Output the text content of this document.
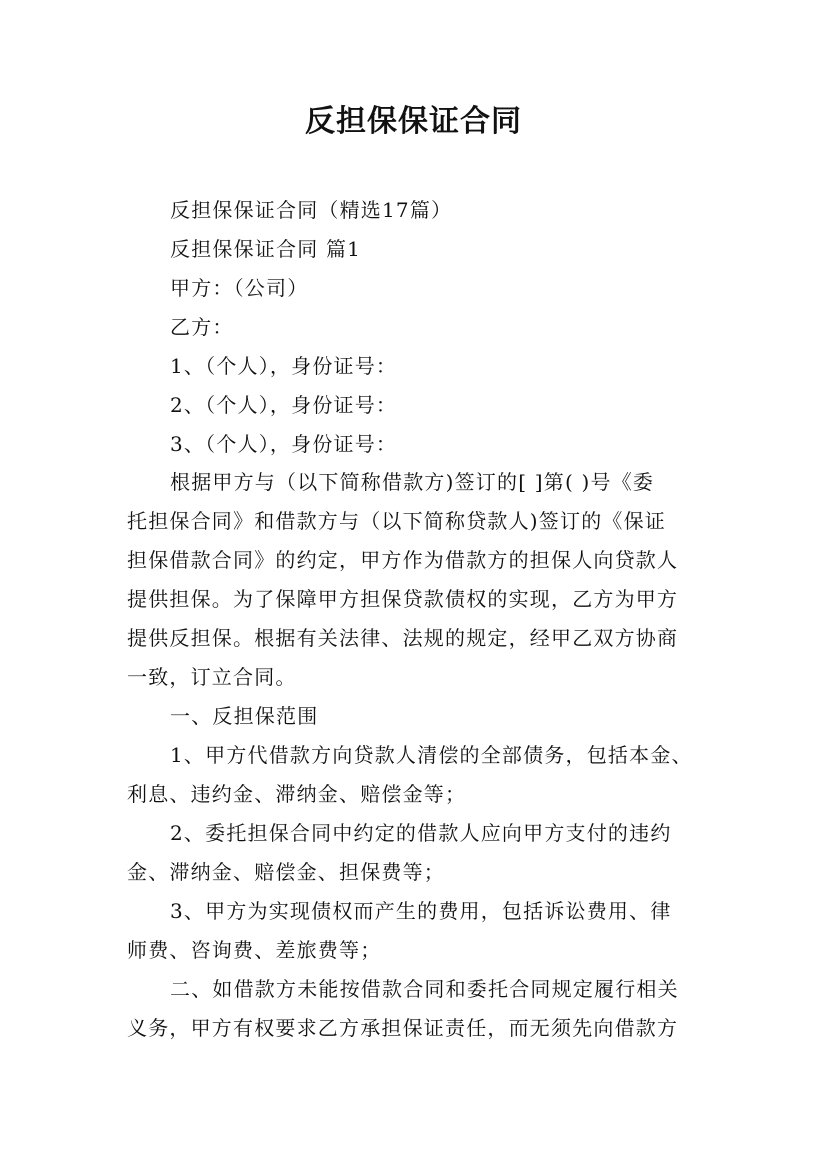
反担保保证合同

反担保保证合同（精选17篇）

反担保保证合同 篇1

甲方：（公司）

乙方：

1、（个人），身份证号：

2、（个人），身份证号：

3、（个人），身份证号：

根据甲方与（以下简称借款方)签订的[ ]第( )号《委

托担保合同》和借款方与（以下简称贷款人)签订的《保证

担保借款合同》的约定，甲方作为借款方的担保人向贷款人

提供担保。为了保障甲方担保贷款债权的实现，乙方为甲方

提供反担保。根据有关法律、法规的规定，经甲乙双方协商

一致，订立合同。

一、反担保范围

1、甲方代借款方向贷款人清偿的全部债务，包括本金、

利息、违约金、滞纳金、赔偿金等；

2、委托担保合同中约定的借款人应向甲方支付的违约

金、滞纳金、赔偿金、担保费等；

3、甲方为实现债权而产生的费用，包括诉讼费用、律

师费、咨询费、差旅费等；

二、如借款方未能按借款合同和委托合同规定履行相关

义务，甲方有权要求乙方承担保证责任，而无须先向借款方
